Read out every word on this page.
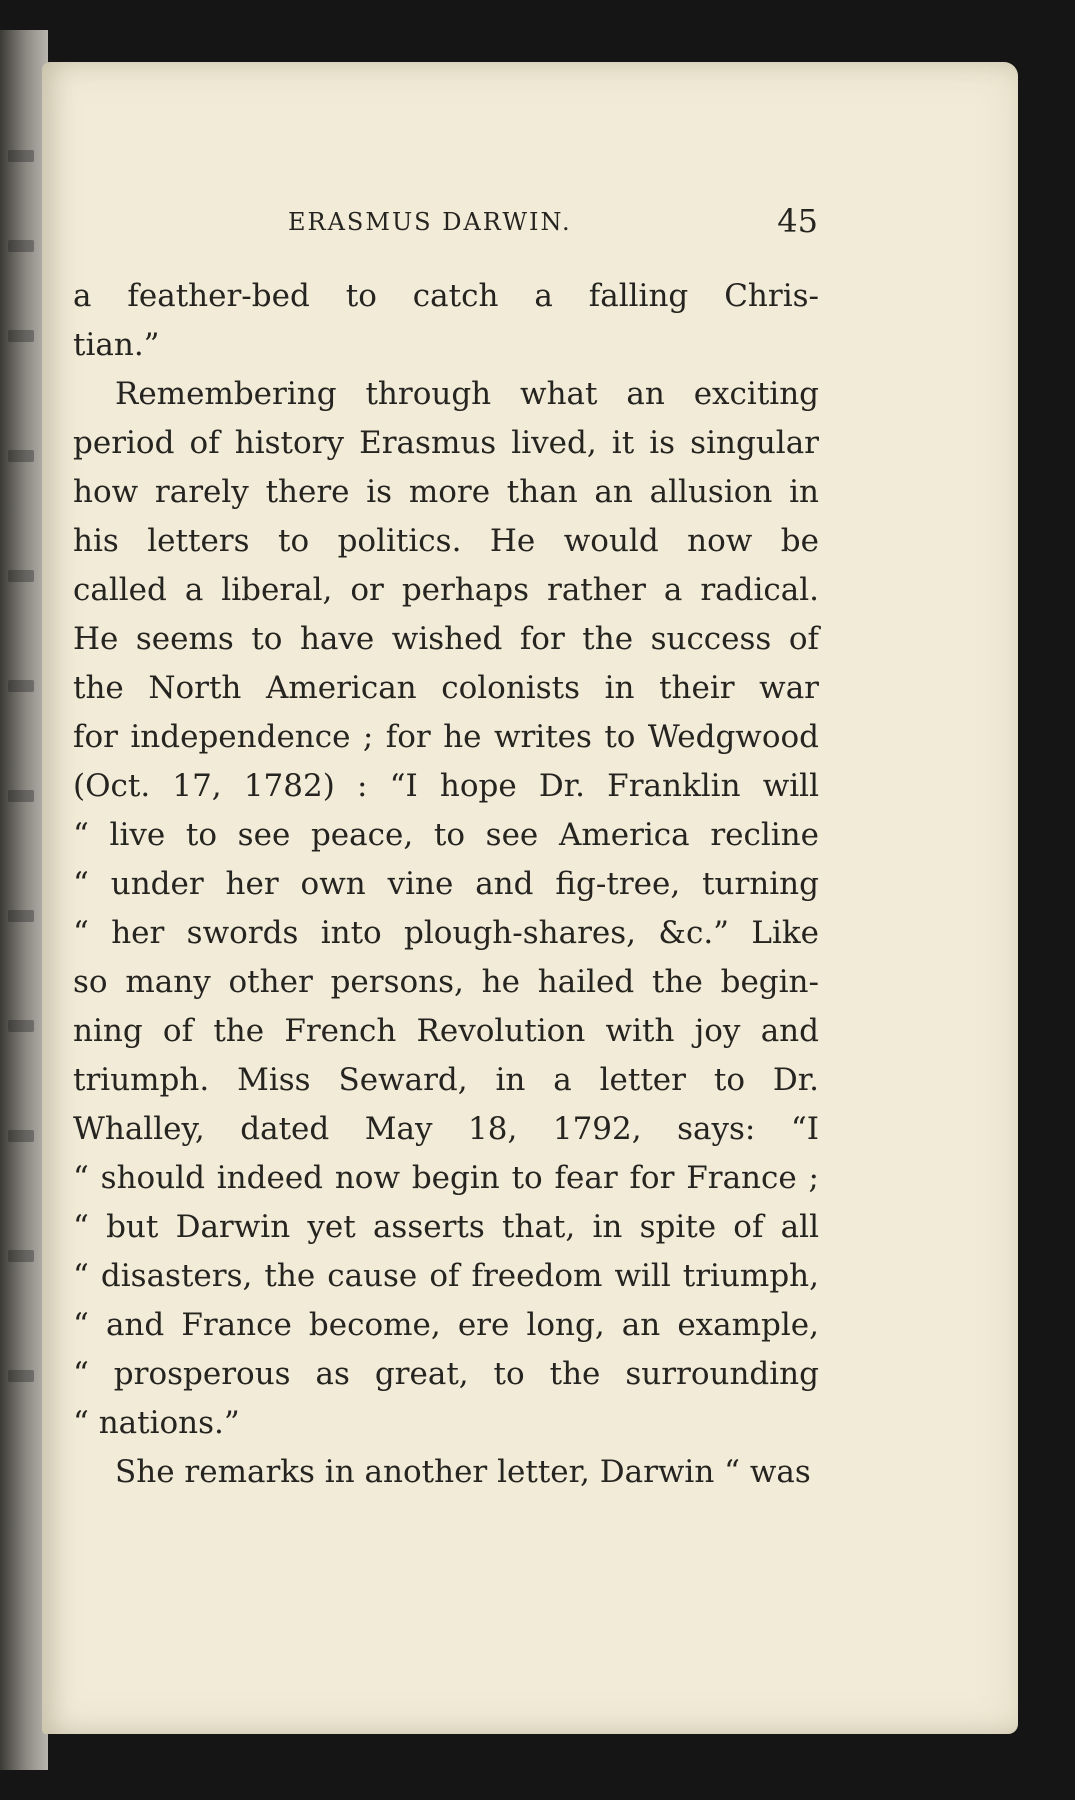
ERASMUS DARWIN.	45
a feather-bed to catch a falling Chris-
tian.”
Remembering through what an exciting
period of history Erasmus lived, it is singular
how rarely there is more than an allusion in
his letters to politics. He would now be
called a liberal, or perhaps rather a radical.
He seems to have wished for the success of
the North American colonists in their war
for independence ; for he writes to Wedgwood
(Oct. 17, 1782) : “I hope Dr. Franklin will
“ live to see peace, to see America recline
“ under her own vine and fig-tree, turning
“ her swords into plough-shares, &c.” Like
so many other persons, he hailed the begin-
ning of the French Revolution with joy and
triumph. Miss Seward, in a letter to Dr.
Whalley, dated May 18, 1792, says: “I
“ should indeed now begin to fear for France ;
“ but Darwin yet asserts that, in spite of all
“ disasters, the cause of freedom will triumph,
“ and France become, ere long, an example,
“ prosperous as great, to the surrounding
“ nations.”
She remarks in another letter, Darwin “ was
